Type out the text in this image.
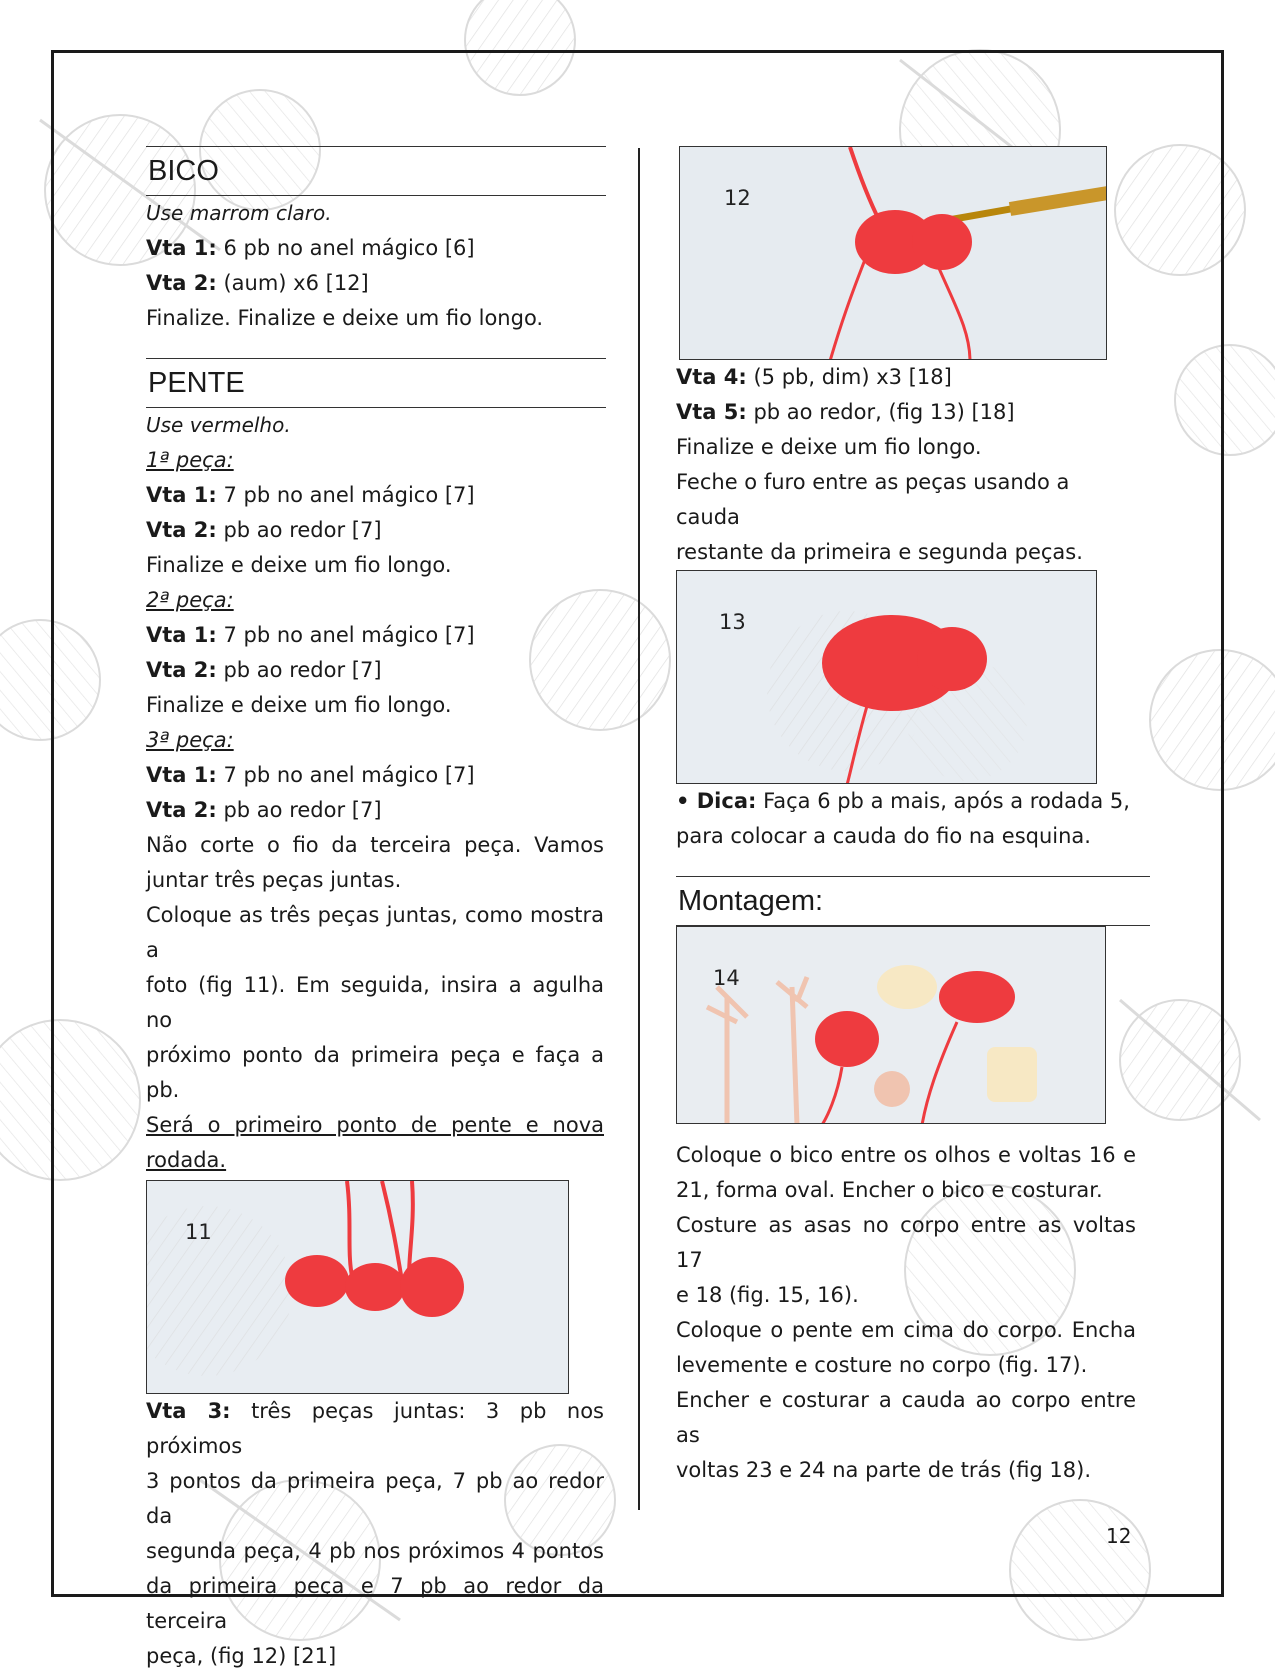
BICO
Use marrom claro.
Vta 1: 6 pb no anel mágico [6]
Vta 2: (aum) x6 [12]
Finalize. Finalize e deixe um fio longo.
PENTE
Use vermelho.
1ª peça:
Vta 1: 7 pb no anel mágico [7]
Vta 2: pb ao redor [7]
Finalize e deixe um fio longo.
2ª peça:
Vta 1: 7 pb no anel mágico [7]
Vta 2: pb ao redor [7]
Finalize e deixe um fio longo.
3ª peça:
Vta 1: 7 pb no anel mágico [7]
Vta 2: pb ao redor [7]
Não corte o fio da terceira peça. Vamos
juntar três peças juntas.
Coloque as três peças juntas, como mostra a
foto (fig 11). Em seguida, insira a agulha no
próximo ponto da primeira peça e faça a pb.
Será o primeiro ponto de pente e nova
rodada.
11
Vta 3: três peças juntas: 3 pb nos próximos
3 pontos da primeira peça, 7 pb ao redor da
segunda peça, 4 pb nos próximos 4 pontos
da primeira peça e 7 pb ao redor da terceira
peça, (fig 12) [21]
12
Vta 4: (5 pb, dim) x3 [18]
Vta 5: pb ao redor, (fig 13) [18]
Finalize e deixe um fio longo.
Feche o furo entre as peças usando a cauda
restante da primeira e segunda peças.
13
• Dica: Faça 6 pb a mais, após a rodada 5,
para colocar a cauda do fio na esquina.
Montagem:
14
Coloque o bico entre os olhos e voltas 16 e
21, forma oval. Encher o bico e costurar.
Costure as asas no corpo entre as voltas 17
e 18 (fig. 15, 16).
Coloque o pente em cima do corpo. Encha
levemente e costure no corpo (fig. 17).
Encher e costurar a cauda ao corpo entre as
voltas 23 e 24 na parte de trás (fig 18).
12
